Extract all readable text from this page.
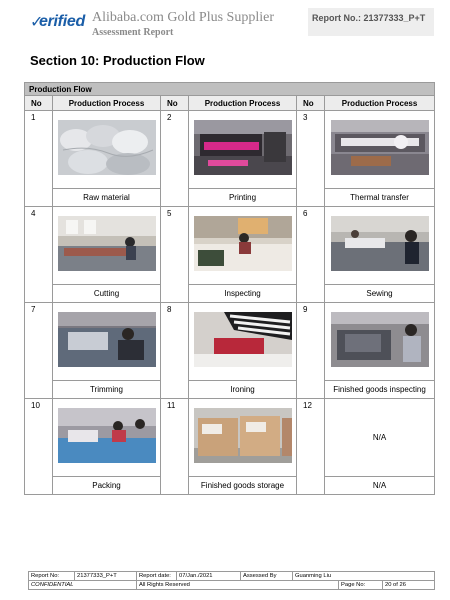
✓
erified Alibaba.com Gold Plus Supplier
Assessment Report
Report No.: 21377333_P+T
Section 10: Production Flow
Production Flow					
No	Production Process	No	Production Process	No	Production Process
1		2		3	

	Raw material		Printing		Thermal transfer
4		5		6	

	Cutting		Inspecting		Sewing
7		8		9	

	Trimming		Ironing		Finished goods inspecting
10		11		12	N/A
	Packing		Finished goods storage		N/A
Report No:	21377333_P+T	Report date:	07/Jan./2021	Assessed By	Guanming Liu		
CONFIDENTIAL		All Rights Reserved				Page No:	20 of 26
